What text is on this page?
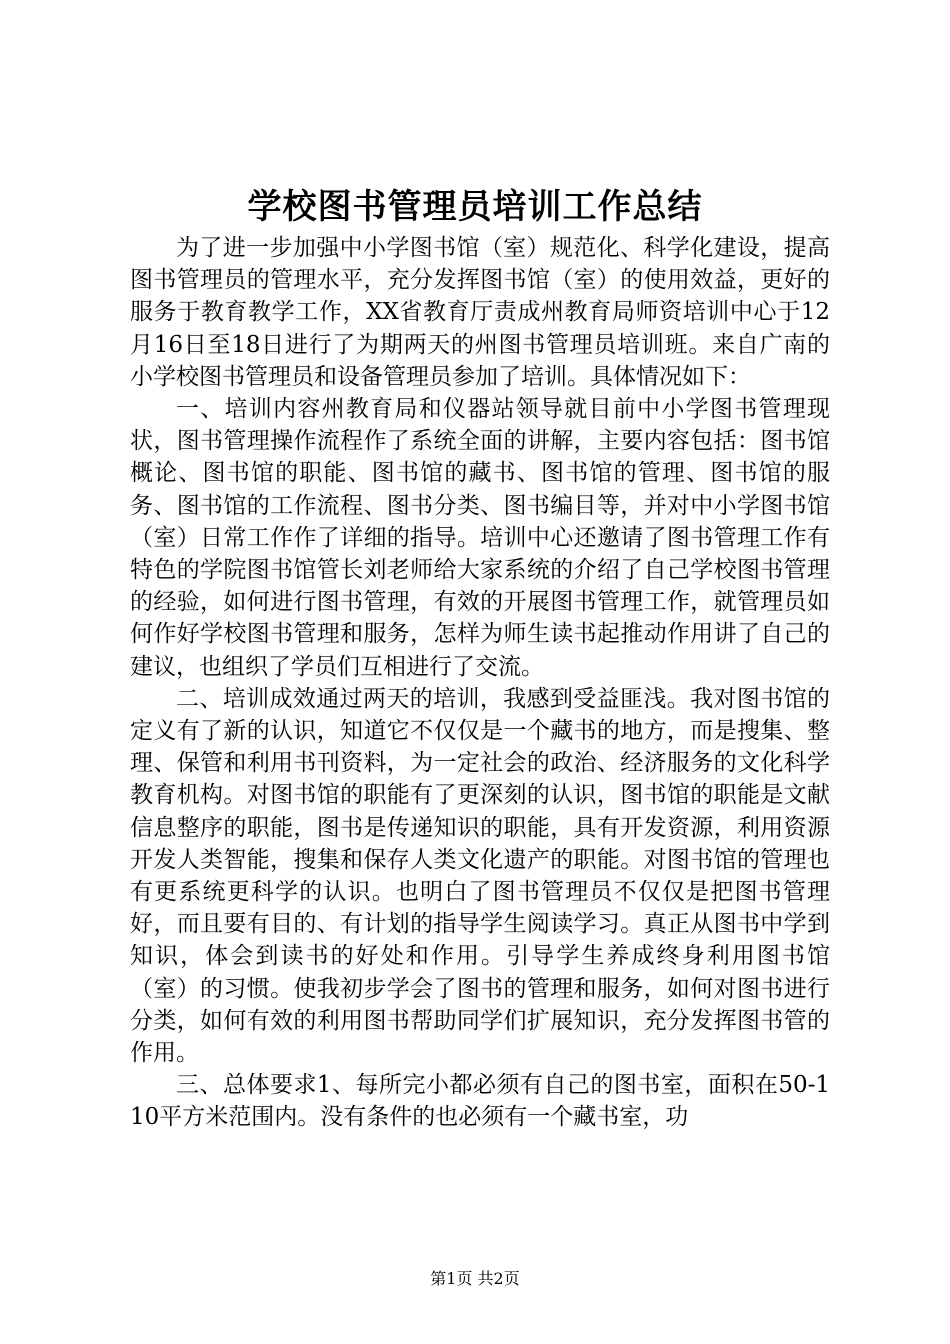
学校图书管理员培训工作总结

为了进一步加强中小学图书馆（室）规范化、科学化建设，提高图书管理员的管理水平，充分发挥图书馆（室）的使用效益，更好的服务于教育教学工作，XX省教育厅责成州教育局师资培训中心于12月16日至18日进行了为期两天的州图书管理员培训班。来自广南的小学校图书管理员和设备管理员参加了培训。具体情况如下：

一、培训内容州教育局和仪器站领导就目前中小学图书管理现状，图书管理操作流程作了系统全面的讲解，主要内容包括：图书馆概论、图书馆的职能、图书馆的藏书、图书馆的管理、图书馆的服务、图书馆的工作流程、图书分类、图书编目等，并对中小学图书馆（室）日常工作作了详细的指导。培训中心还邀请了图书管理工作有特色的学院图书馆管长刘老师给大家系统的介绍了自己学校图书管理的经验，如何进行图书管理，有效的开展图书管理工作，就管理员如何作好学校图书管理和服务，怎样为师生读书起推动作用讲了自己的建议，也组织了学员们互相进行了交流。

二、培训成效通过两天的培训，我感到受益匪浅。我对图书馆的定义有了新的认识，知道它不仅仅是一个藏书的地方，而是搜集、整理、保管和利用书刊资料，为一定社会的政治、经济服务的文化科学教育机构。对图书馆的职能有了更深刻的认识，图书馆的职能是文献信息整序的职能，图书是传递知识的职能，具有开发资源，利用资源开发人类智能，搜集和保存人类文化遗产的职能。对图书馆的管理也有更系统更科学的认识。也明白了图书管理员不仅仅是把图书管理好，而且要有目的、有计划的指导学生阅读学习。真正从图书中学到知识，体会到读书的好处和作用。引导学生养成终身利用图书馆（室）的习惯。使我初步学会了图书的管理和服务，如何对图书进行分类，如何有效的利用图书帮助同学们扩展知识，充分发挥图书管的作用。

三、总体要求1、每所完小都必须有自己的图书室，面积在50-110平方米范围内。没有条件的也必须有一个藏书室，功

第1页 共2页
